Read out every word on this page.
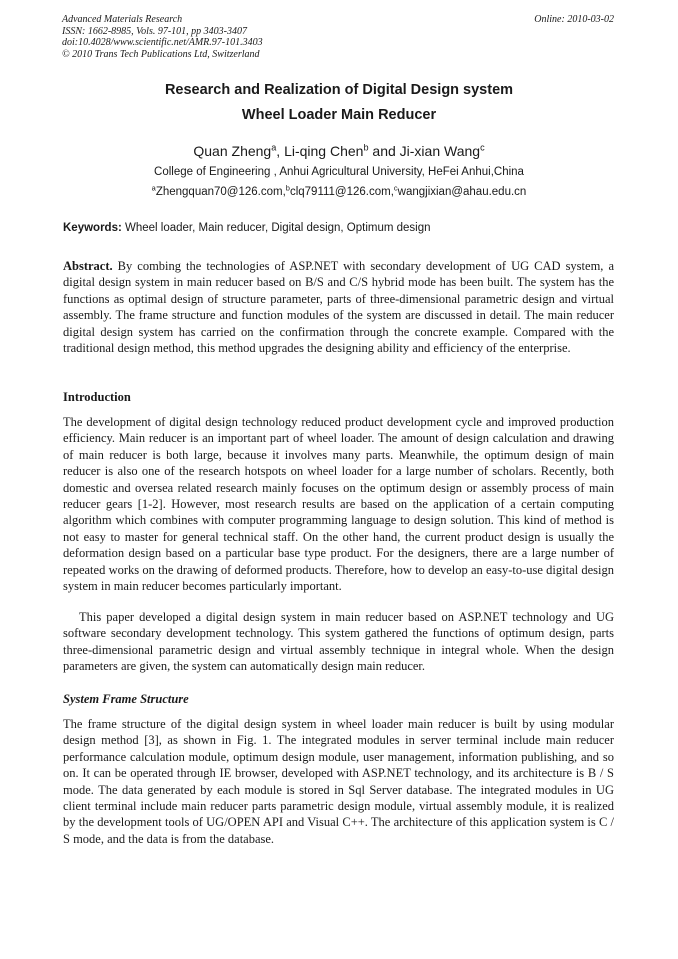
Advanced Materials Research
ISSN: 1662-8985, Vols. 97-101, pp 3403-3407
doi:10.4028/www.scientific.net/AMR.97-101.3403
© 2010 Trans Tech Publications Ltd, Switzerland
Online: 2010-03-02
Research and Realization of Digital Design system
Wheel Loader Main Reducer
Quan Zheng$^a$, Li-qing Chen$^b$ and Ji-xian Wang$^c$
College of Engineering , Anhui Agricultural University, HeFei Anhui,China
$^a$Zhengquan70@126.com,$^b$clq79111@126.com,$^c$wangjixian@ahau.edu.cn
Keywords: Wheel loader, Main reducer, Digital design, Optimum design

Abstract. By combing the technologies of ASP.NET with secondary development of UG CAD system, a digital design system in main reducer based on B/S and C/S hybrid mode has been built. The system has the functions as optimal design of structure parameter, parts of three-dimensional parametric design and virtual assembly. The frame structure and function modules of the system are discussed in detail. The main reducer digital design system has carried on the confirmation through the concrete example. Compared with the traditional design method, this method upgrades the designing ability and efficiency of the enterprise.

Introduction

The development of digital design technology reduced product development cycle and improved production efficiency. Main reducer is an important part of wheel loader. The amount of design calculation and drawing of main reducer is both large, because it involves many parts. Meanwhile, the optimum design of main reducer is also one of the research hotspots on wheel loader for a large number of scholars. Recently, both domestic and oversea related research mainly focuses on the optimum design or assembly process of main reducer gears [1-2]. However, most research results are based on the application of a certain computing algorithm which combines with computer programming language to design solution. This kind of method is not easy to master for general technical staff. On the other hand, the current product design is usually the deformation design based on a particular base type product. For the designers, there are a large number of repeated works on the drawing of deformed products. Therefore, how to develop an easy-to-use digital design system in main reducer becomes particularly important.

This paper developed a digital design system in main reducer based on ASP.NET technology and UG software secondary development technology. This system gathered the functions of optimum design, parts three-dimensional parametric design and virtual assembly technique in integral whole. When the design parameters are given, the system can automatically design main reducer.

System Frame Structure

The frame structure of the digital design system in wheel loader main reducer is built by using modular design method [3], as shown in Fig. 1. The integrated modules in server terminal include main reducer performance calculation module, optimum design module, user management, information publishing, and so on. It can be operated through IE browser, developed with ASP.NET technology, and its architecture is B / S mode. The data generated by each module is stored in Sql Server database. The integrated modules in UG client terminal include main reducer parts parametric design module, virtual assembly module, it is realized by the development tools of UG/OPEN API and Visual C++. The architecture of this application system is C / S mode, and the data is from the database.
